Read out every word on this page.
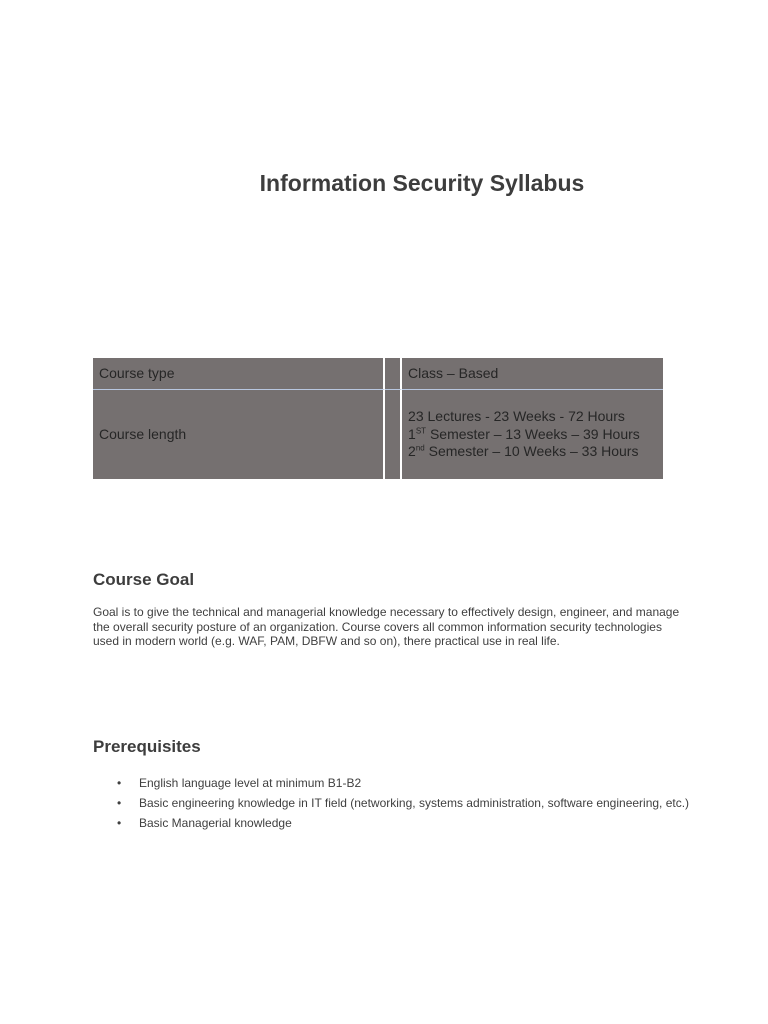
Information Security Syllabus
Course type		Class – Based
Course length		23 Lectures - 23 Weeks - 72 Hours
1ST Semester – 13 Weeks – 39 Hours
2nd Semester – 10 Weeks – 33 Hours
Course Goal

Goal is to give the technical and managerial knowledge necessary to effectively design, engineer, and manage the overall security posture of an organization. Course covers all common information security technologies used in modern world (e.g. WAF, PAM, DBFW and so on), there practical use in real life.

Prerequisites
• English language level at minimum B1-B2
• Basic engineering knowledge in IT field (networking, systems administration, software engineering, etc.)
• Basic Managerial knowledge
